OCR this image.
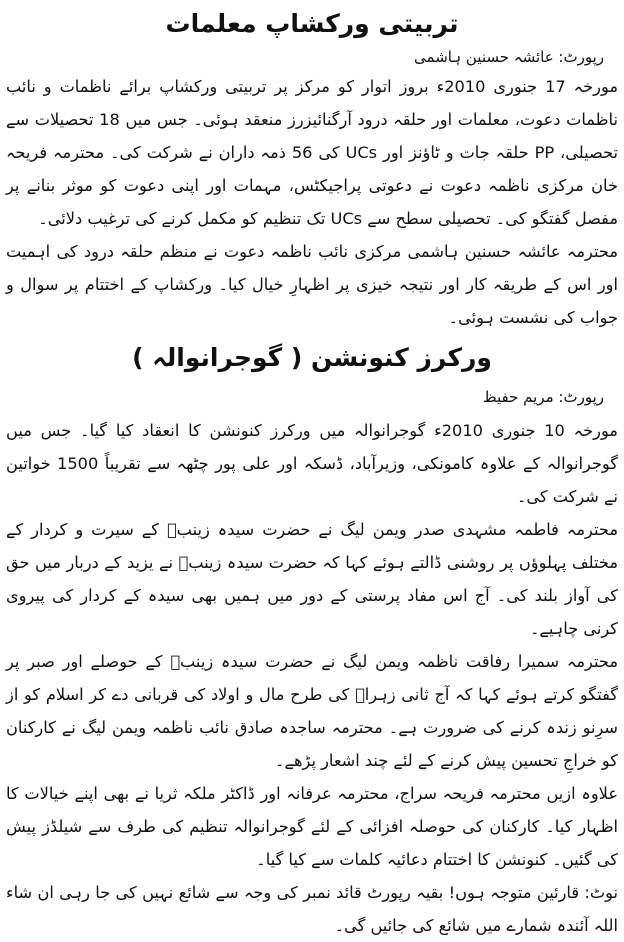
تربیتی ورکشاپ معلمات
رپورٹ: عائشہ حسنین ہاشمی

مورخہ 17 جنوری 2010ء بروز اتوار کو مرکز پر تربیتی ورکشاپ برائے ناظمات و نائب ناظمات دعوت، معلمات اور حلقہ درود آرگنائیزرز منعقد ہوئی۔ جس میں 18 تحصیلات سے تحصیلی، PP حلقہ جات و ٹاؤنز اور UCs کی 56 ذمہ داران نے شرکت کی۔ محترمہ فریحہ خان مرکزی ناظمہ دعوت نے دعوتی پراجیکٹس، مہمات اور اپنی دعوت کو موثر بنانے پر مفصل گفتگو کی۔ تحصیلی سطح سے UCs تک تنظیم کو مکمل کرنے کی ترغیب دلائی۔

محترمہ عائشہ حسنین ہاشمی مرکزی نائب ناظمہ دعوت نے منظم حلقہ درود کی اہمیت اور اس کے طریقہ کار اور نتیجہ خیزی پر اظہارِ خیال کیا۔ ورکشاپ کے اختتام پر سوال و جواب کی نشست ہوئی۔

ورکرز کنونشن ( گوجرانوالہ )
رپورٹ: مریم حفیظ

مورخہ 10 جنوری 2010ء گوجرانوالہ میں ورکرز کنونشن کا انعقاد کیا گیا۔ جس میں گوجرانوالہ کے علاوہ کامونکی، وزیرآباد، ڈسکہ اور علی پور چٹھہ سے تقریباً 1500 خواتین نے شرکت کی۔

محترمہ فاطمہ مشہدی صدر ویمن لیگ نے حضرت سیدہ زینبؓ کے سیرت و کردار کے مختلف پہلوؤں پر روشنی ڈالتے ہوئے کہا کہ حضرت سیدہ زینبؓ نے یزید کے دربار میں حق کی آواز بلند کی۔ آج اس مفاد پرستی کے دور میں ہمیں بھی سیدہ کے کردار کی پیروی کرنی چاہیے۔

محترمہ سمیرا رفاقت ناظمہ ویمن لیگ نے حضرت سیدہ زینبؓ کے حوصلے اور صبر پر گفتگو کرتے ہوئے کہا کہ آج ثانی زہراؓ کی طرح مال و اولاد کی قربانی دے کر اسلام کو از سرِنو زندہ کرنے کی ضرورت ہے۔ محترمہ ساجدہ صادق نائب ناظمہ ویمن لیگ نے کارکنان کو خراجِ تحسین پیش کرنے کے لئے چند اشعار پڑھے۔

علاوہ ازیں محترمہ فریحہ سراج، محترمہ عرفانہ اور ڈاکٹر ملکہ ثریا نے بھی اپنے خیالات کا اظہار کیا۔ کارکنان کی حوصلہ افزائی کے لئے گوجرانوالہ تنظیم کی طرف سے شیلڈز پیش کی گئیں۔ کنونشن کا اختتام دعائیہ کلمات سے کیا گیا۔

نوٹ: قارئین متوجہ ہوں! بقیہ رپورٹ قائد نمبر کی وجہ سے شائع نہیں کی جا رہی ان شاء اللہ آئندہ شمارے میں شائع کی جائیں گی۔
